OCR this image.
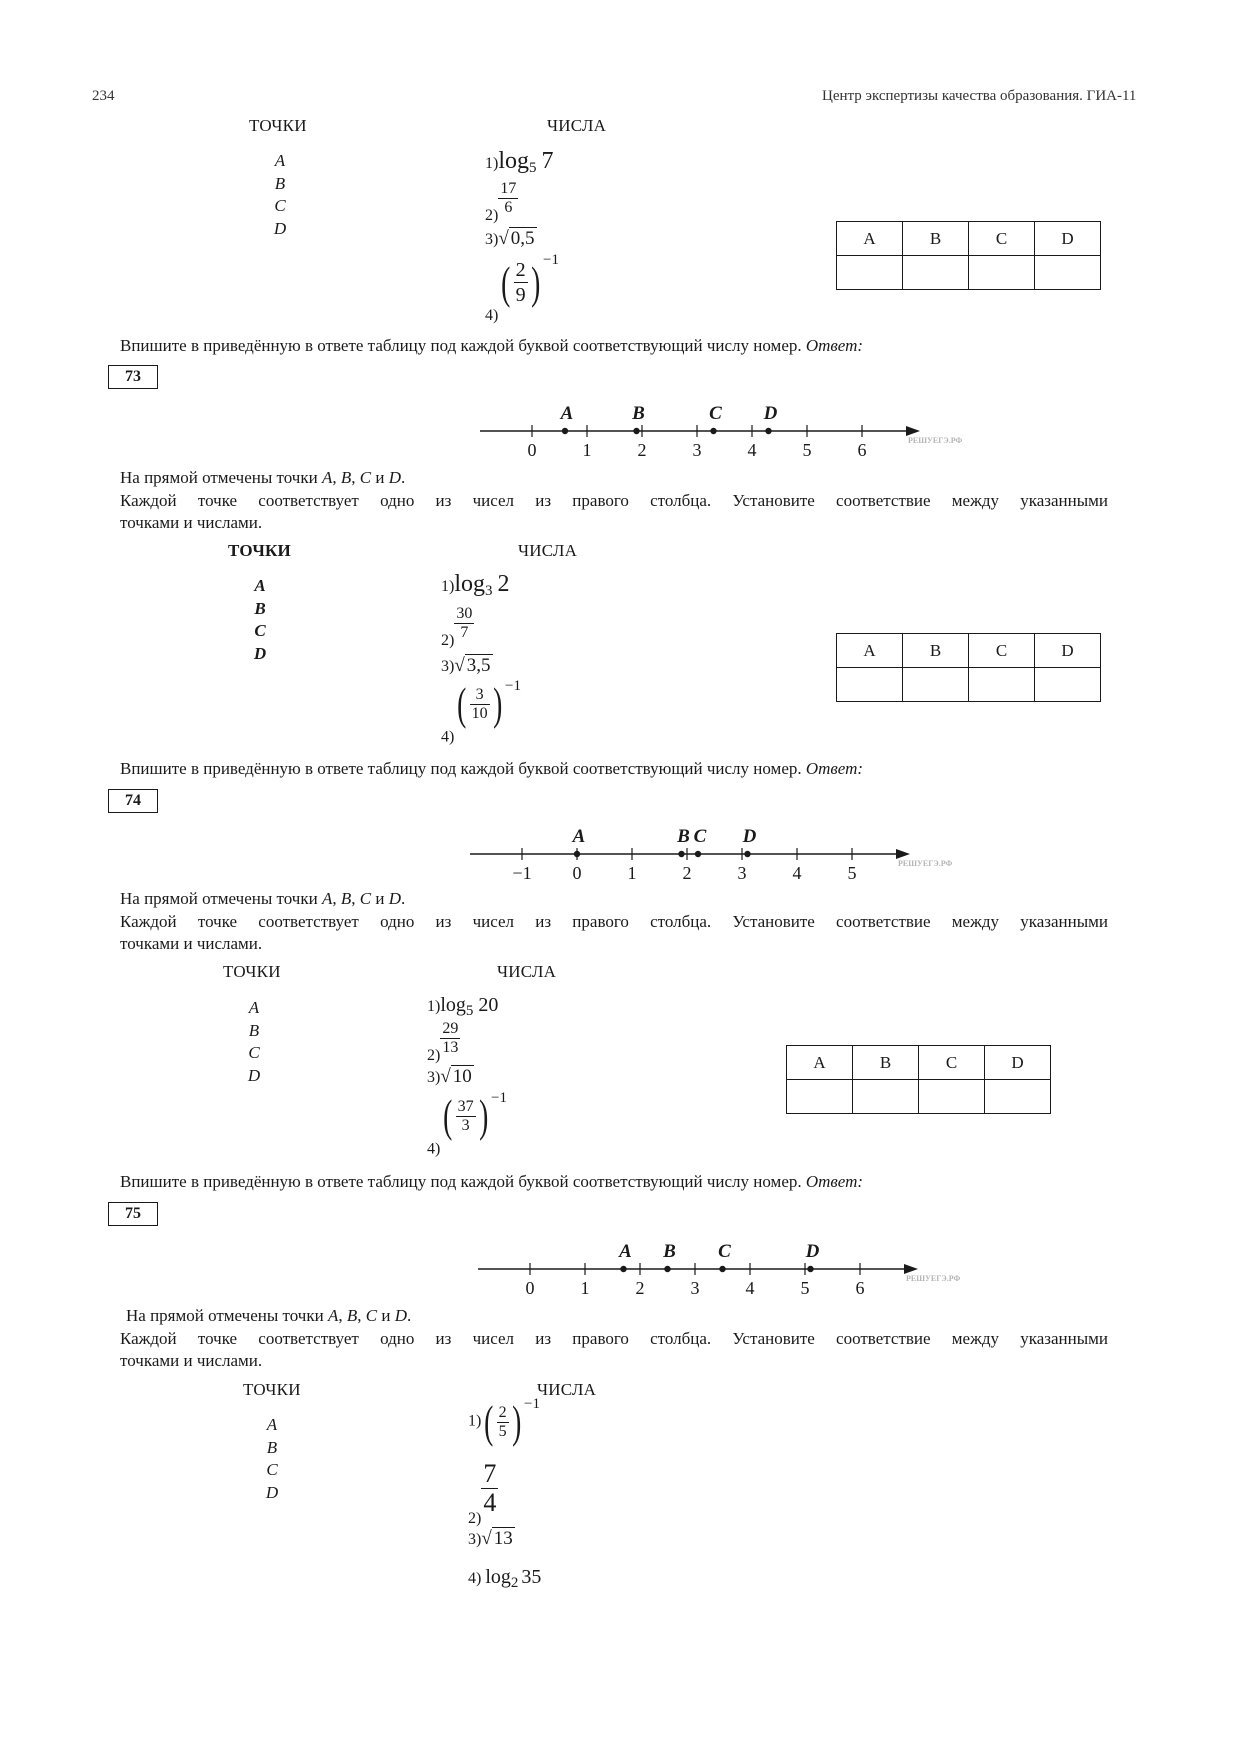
234	Центр экспертизы качества образования. ГИА-11
ТОЧКИ	ЧИСЛА
A
B
C
D
1)log5 7
$2) \frac{17}{6}$
3)√ 0,5
$4)( \frac{2}{9}$ ) −1
A	B	C	D

Впишите в приведённую в ответе таблицу под каждой буквой соответствующий числу номер. Ответ:
73
0	1	2	3	4	5	6
A	B	C D
РЕШУЕГЭ.РФ
На прямой отмечены точки A, B, C и D.
Каждой точке соответствует одно из чисел из правого столбца. Установите соответствие между указанными
точками и числами.
ТОЧКИ	ЧИСЛА
A
B
C
D
1)log3 2
$2) \frac{30}{7}$
3)√ 3,5
$4)( \frac{3}{10}$ ) −1
A	B	C	D

Впишите в приведённую в ответе таблицу под каждой буквой соответствующий числу номер. Ответ:
74
−1 0	1	2	3	4	5
A	B C D
РЕШУЕГЭ.РФ
На прямой отмечены точки A, B, C и D.
Каждой точке соответствует одно из чисел из правого столбца. Установите соответствие между указанными
точками и числами.
ТОЧКИ	ЧИСЛА
A
B
C
D
1)log5 20
$2) \frac{29}{13}$
3)√ 10
$4)( \frac{37}{3}$ ) −1
A	B	C	D

Впишите в приведённую в ответе таблицу под каждой буквой соответствующий числу номер. Ответ:
75
0	1	2	3	4	5	6
A B C	D
РЕШУЕГЭ.РФ
На прямой отмечены точки A, B, C и D.
Каждой точке соответствует одно из чисел из правого столбца. Установите соответствие между указанными
точками и числами.
ТОЧКИ	ЧИСЛА
A
B
C
D
$1)( \frac{2}{5}$ ) −1
2)
$\frac{7}{4}$
3)√ 13
4) log2 35
